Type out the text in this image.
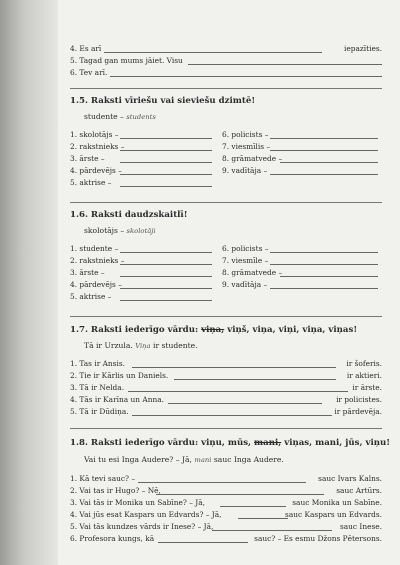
4. Es arī	iepazīties.
5. Tagad gan mums jāiet. Visu
6. Tev arī.
1.5. Raksti vīriešu vai sieviešu dzimtē!
studente – students
1. skolotājs –	6. policists –
2. rakstnieks –	7. viesmīlis –
3. ārste –	8. grāmatvede –
4. pārdevējs –	9. vadītāja –
5. aktrise –
1.6. Raksti daudzskaitlī!
skolotājs – skolotāji
1. studente –	6. policists –
2. rakstnieks –	7. viesmīle –
3. ārste –	8. grāmatvede –
4. pārdevējs –	9. vadītāja –
5. aktrise –
1.7. Raksti iederīgo vārdu: viņa, viņš, viņa, viņi, viņa, viņas!
Tā ir Urzula. Viņa ir studente.
1. Tas ir Ansis.	ir šoferis.
2. Tie ir Kārlis un Daniels.	ir aktieri.
3. Tā ir Nelda.	ir ārste.
4. Tās ir Karīna un Anna.	ir policistes.
5. Tā ir Dūdiņa.	ir pārdevēja.
1.8. Raksti iederīgo vārdu: viņu, mūs, mani, viņas, mani, jūs, viņu!
Vai tu esi Inga Audere? – Jā, mani sauc Inga Audere.
1. Kā tevi sauc? –	sauc Ivars Kalns.
2. Vai tas ir Hugo? – Nē,	sauc Artūrs.
3. Vai tās ir Monika un Sabīne? – Jā,	sauc Monika un Sabīne.
4. Vai jūs esat Kaspars un Edvards? – Jā,	sauc Kaspars un Edvards.
5. Vai tās kundzes vārds ir Inese? – Jā,	sauc Inese.
6. Profesora kungs, kā	sauc? – Es esmu Džons Pētersons.
